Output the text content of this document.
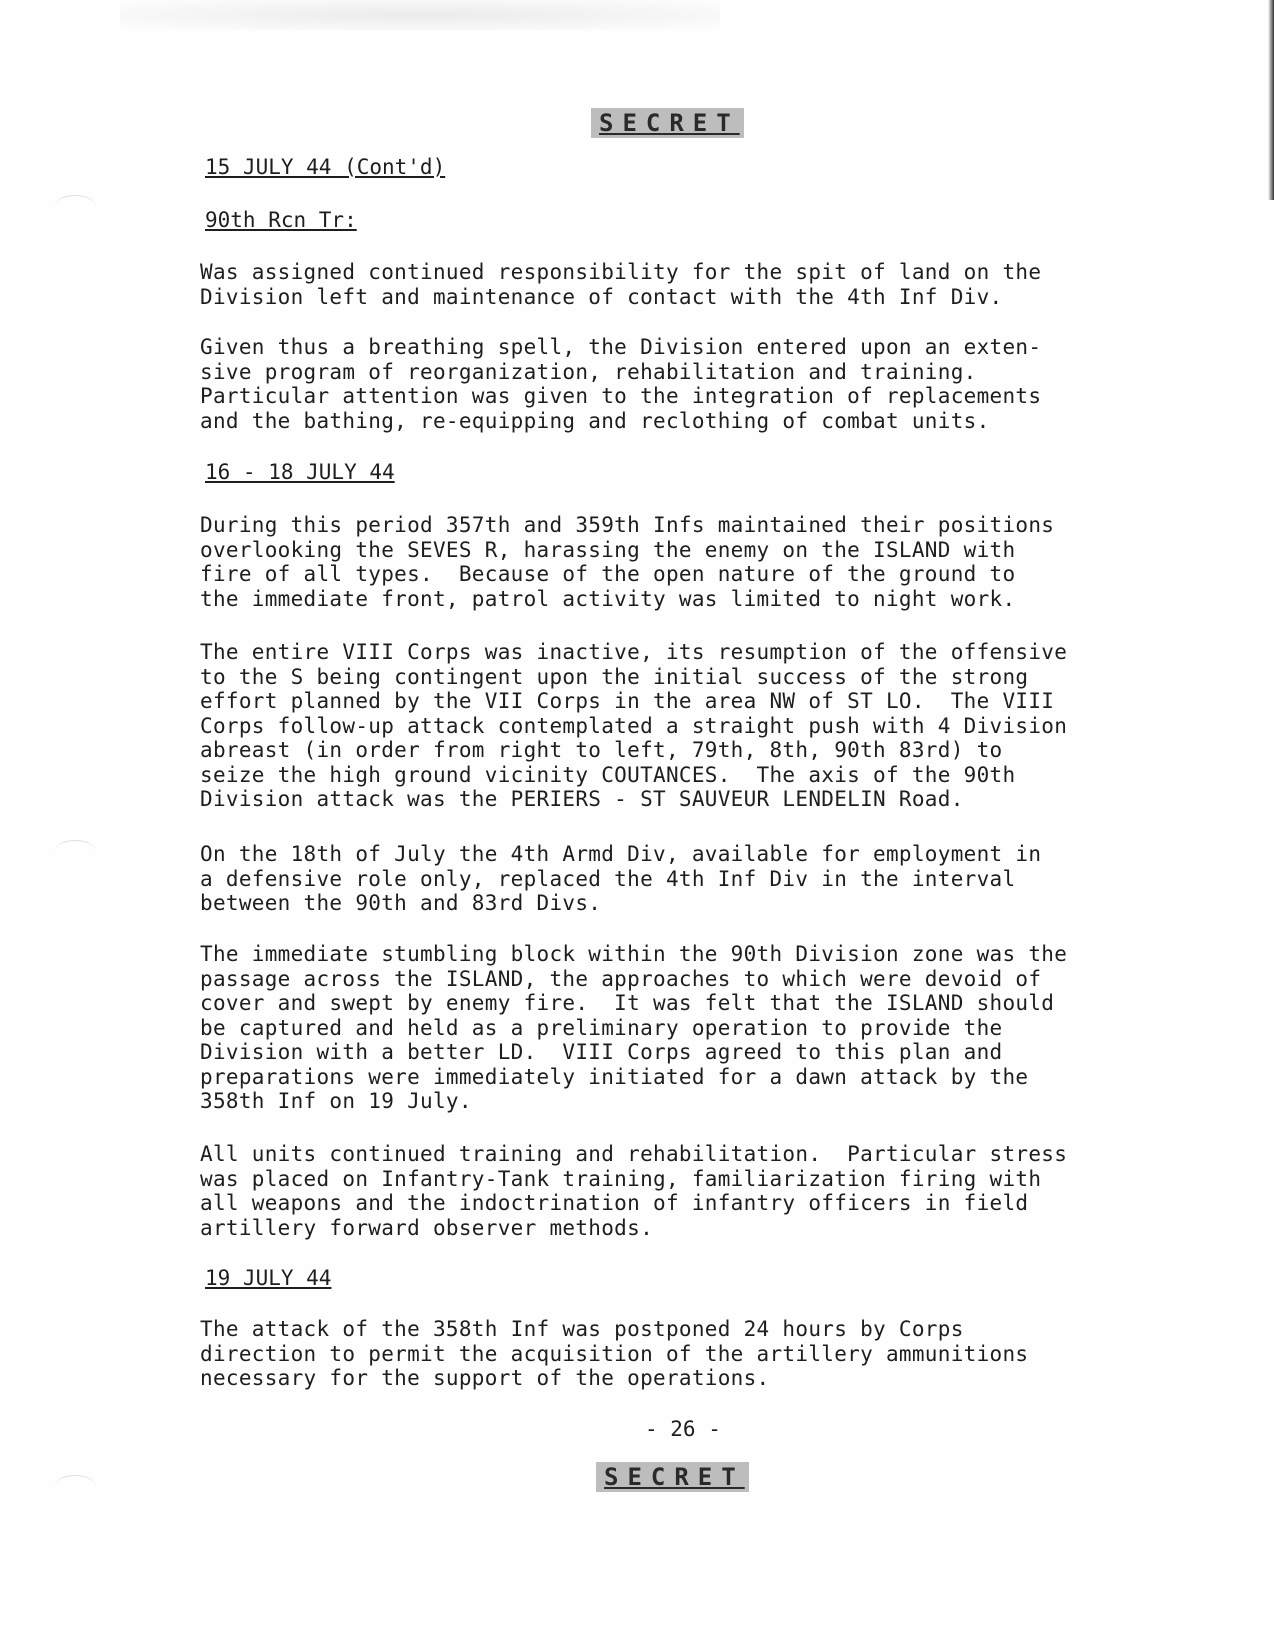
SECRET
15 JULY 44 (Cont'd)
90th Rcn Tr:

Was assigned continued responsibility for the spit of land on the
Division left and maintenance of contact with the 4th Inf Div.

Given thus a breathing spell, the Division entered upon an exten-
sive program of reorganization, rehabilitation and training.
Particular attention was given to the integration of replacements
and the bathing, re-equipping and reclothing of combat units.

16 - 18 JULY 44

During this period 357th and 359th Infs maintained their positions
overlooking the SEVES R, harassing the enemy on the ISLAND with
fire of all types.  Because of the open nature of the ground to
the immediate front, patrol activity was limited to night work.

The entire VIII Corps was inactive, its resumption of the offensive
to the S being contingent upon the initial success of the strong
effort planned by the VII Corps in the area NW of ST LO.  The VIII
Corps follow-up attack contemplated a straight push with 4 Division
abreast (in order from right to left, 79th, 8th, 90th 83rd) to
seize the high ground vicinity COUTANCES.  The axis of the 90th
Division attack was the PERIERS - ST SAUVEUR LENDELIN Road.

On the 18th of July the 4th Armd Div, available for employment in
a defensive role only, replaced the 4th Inf Div in the interval
between the 90th and 83rd Divs.

The immediate stumbling block within the 90th Division zone was the
passage across the ISLAND, the approaches to which were devoid of
cover and swept by enemy fire.  It was felt that the ISLAND should
be captured and held as a preliminary operation to provide the
Division with a better LD.  VIII Corps agreed to this plan and
preparations were immediately initiated for a dawn attack by the
358th Inf on 19 July.

All units continued training and rehabilitation.  Particular stress
was placed on Infantry-Tank training, familiarization firing with
all weapons and the indoctrination of infantry officers in field
artillery forward observer methods.

19 JULY 44

The attack of the 358th Inf was postponed 24 hours by Corps
direction to permit the acquisition of the artillery ammunitions
necessary for the support of the operations.

- 26 -
SECRET
